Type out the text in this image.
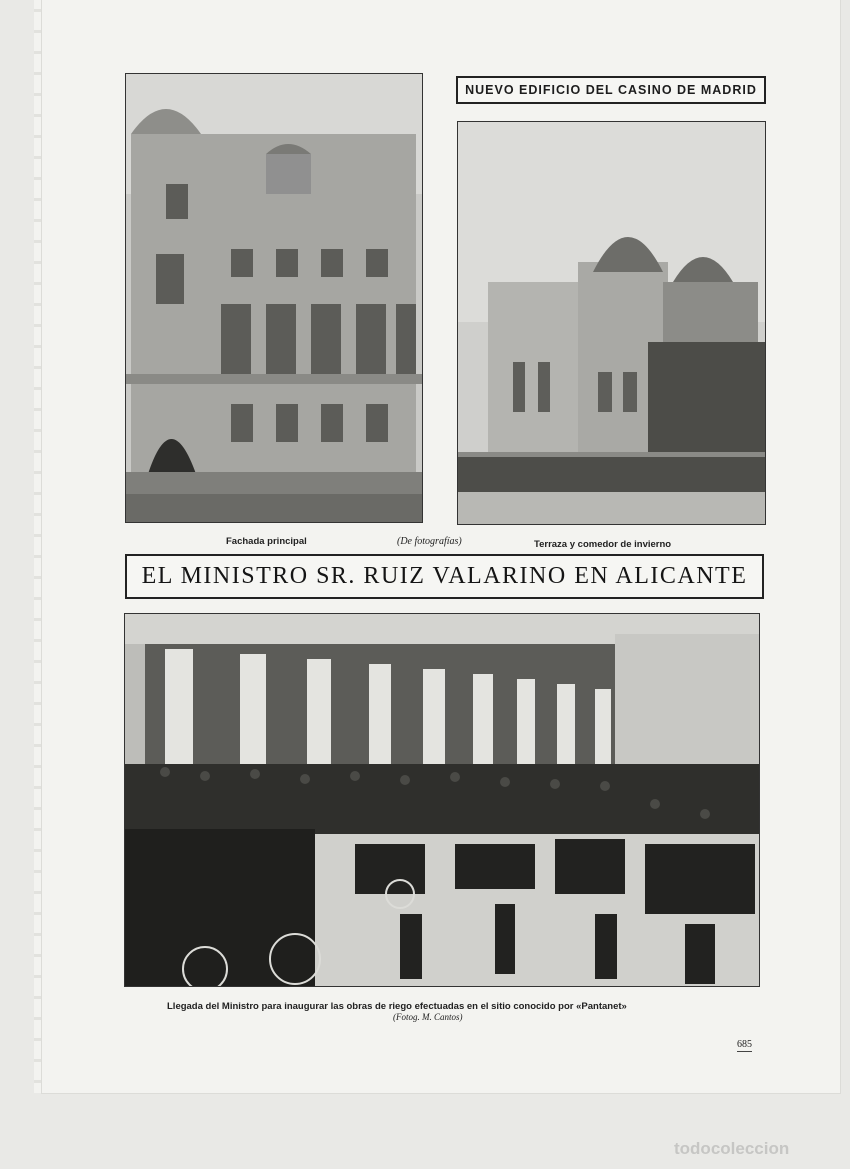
NUEVO EDIFICIO DEL CASINO DE MADRID
Fachada principal	(De fotografías)	Terraza y comedor de invierno
EL MINISTRO SR. RUIZ VALARINO EN ALICANTE
Llegada del Ministro para inaugurar las obras de riego efectuadas en el sitio conocido por «Pantanet»
(Fotog. M. Cantos)
685
todocoleccion
